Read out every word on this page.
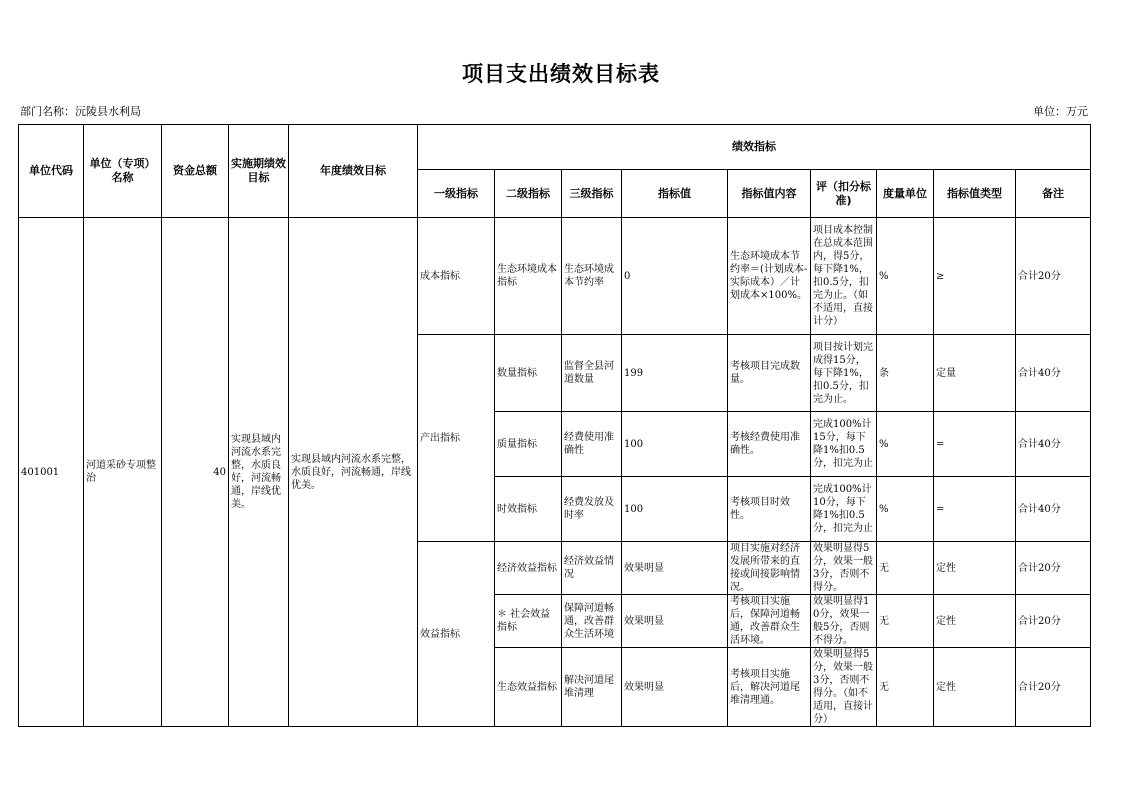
项目支出绩效目标表
部门名称：沅陵县水利局	单位：万元
单位代码	单位（专项）名称	资金总额	实施期绩效目标	年度绩效目标	绩效指标								
					一级指标	二级指标	三级指标	指标值	指标值内容	评（扣分标准)	度量单位	指标值类型	备注
401001	河道采砂专项整治	40	实现县域内河流水系完整，水质良好，河流畅通，岸线优美。	实现县域内河流水系完整，水质良好，河流畅通，岸线优美。	成本指标	生态环境成本指标	生态环境成本节约率	0	生态环境成本节约率＝(计划成本-实际成本）／计划成本×100%。	项目成本控制在总成本范围内，得5分，每下降1%，扣0.5分，扣完为止。（如不适用，直接计分）	%	≥	合计20分
					产出指标	数量指标	监督全县河道数量	199	考核项目完成数量。	项目按计划完成得15分，每下降1%，扣0.5分，扣完为止。	条	定量	合计40分
						质量指标	经费使用准确性	100	考核经费使用准确性。	完成100%计15分，每下降1%扣0.5分，扣完为止	%	=	合计40分
						时效指标	经费发放及时率	100	考核项目时效性。	完成100%计10分，每下降1%扣0.5分，扣完为止	%	=	合计40分
					效益指标	经济效益指标	经济效益情况	效果明显	项目实施对经济发展所带来的直接或间接影响情况。	效果明显得5分，效果一般3分，否则不得分。	无	定性	合计20分
						＊ 社会效益指标	保障河道畅通，改善群众生活环境	效果明显	考核项目实施后，保障河道畅通，改善群众生活环境。	效果明显得10分，效果一般5分，否则不得分。	无	定性	合计20分
						生态效益指标	解决河道尾堆清理	效果明显	考核项目实施后，解决河道尾堆清理通。	效果明显得5分，效果一般3分，否则不得分。（如不适用，直接计分）	无	定性	合计20分
